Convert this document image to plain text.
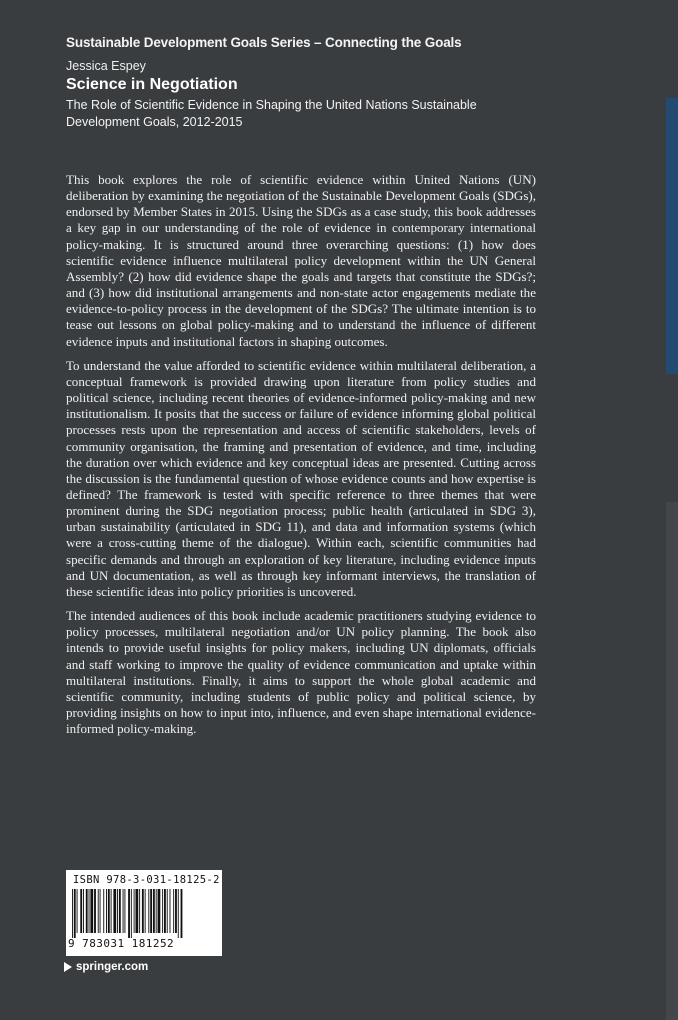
Sustainable Development Goals Series – Connecting the Goals
Jessica Espey
Science in Negotiation
The Role of Scientific Evidence in Shaping the United Nations Sustainable Development Goals, 2012-2015

This book explores the role of scientific evidence within United Nations (UN) deliberation by examining the negotiation of the Sustainable Development Goals (SDGs), endorsed by Member States in 2015. Using the SDGs as a case study, this book addresses a key gap in our understanding of the role of evidence in contemporary international policy-making. It is structured around three overarching questions: (1) how does scientific evidence influence multilateral policy development within the UN General Assembly? (2) how did evidence shape the goals and targets that constitute the SDGs?; and (3) how did institutional arrangements and non-state actor engagements mediate the evidence-to-policy process in the development of the SDGs? The ultimate intention is to tease out lessons on global policy-making and to understand the influence of different evidence inputs and institutional factors in shaping outcomes.

To understand the value afforded to scientific evidence within multilateral deliberation, a conceptual framework is provided drawing upon literature from policy studies and political science, including recent theories of evidence-informed policy-making and new institutionalism. It posits that the success or failure of evidence informing global political processes rests upon the representation and access of scientific stakeholders, levels of community organisation, the framing and presentation of evidence, and time, including the duration over which evidence and key conceptual ideas are presented. Cutting across the discussion is the fundamental question of whose evidence counts and how expertise is defined? The framework is tested with specific reference to three themes that were prominent during the SDG negotiation process; public health (articulated in SDG 3), urban sustainability (articulated in SDG 11), and data and information systems (which were a cross-cutting theme of the dialogue). Within each, scientific communities had specific demands and through an exploration of key literature, including evidence inputs and UN documentation, as well as through key informant interviews, the translation of these scientific ideas into policy priorities is uncovered.

The intended audiences of this book include academic practitioners studying evidence to policy processes, multilateral negotiation and/or UN policy planning. The book also intends to provide useful insights for policy makers, including UN diplomats, officials and staff working to improve the quality of evidence communication and uptake within multilateral institutions. Finally, it aims to support the whole global academic and scientific community, including students of public policy and political science, by providing insights on how to input into, influence, and even shape international evidence-informed policy-making.

ISBN 978-3-031-18125-2
9 783031 181252
springer.com
